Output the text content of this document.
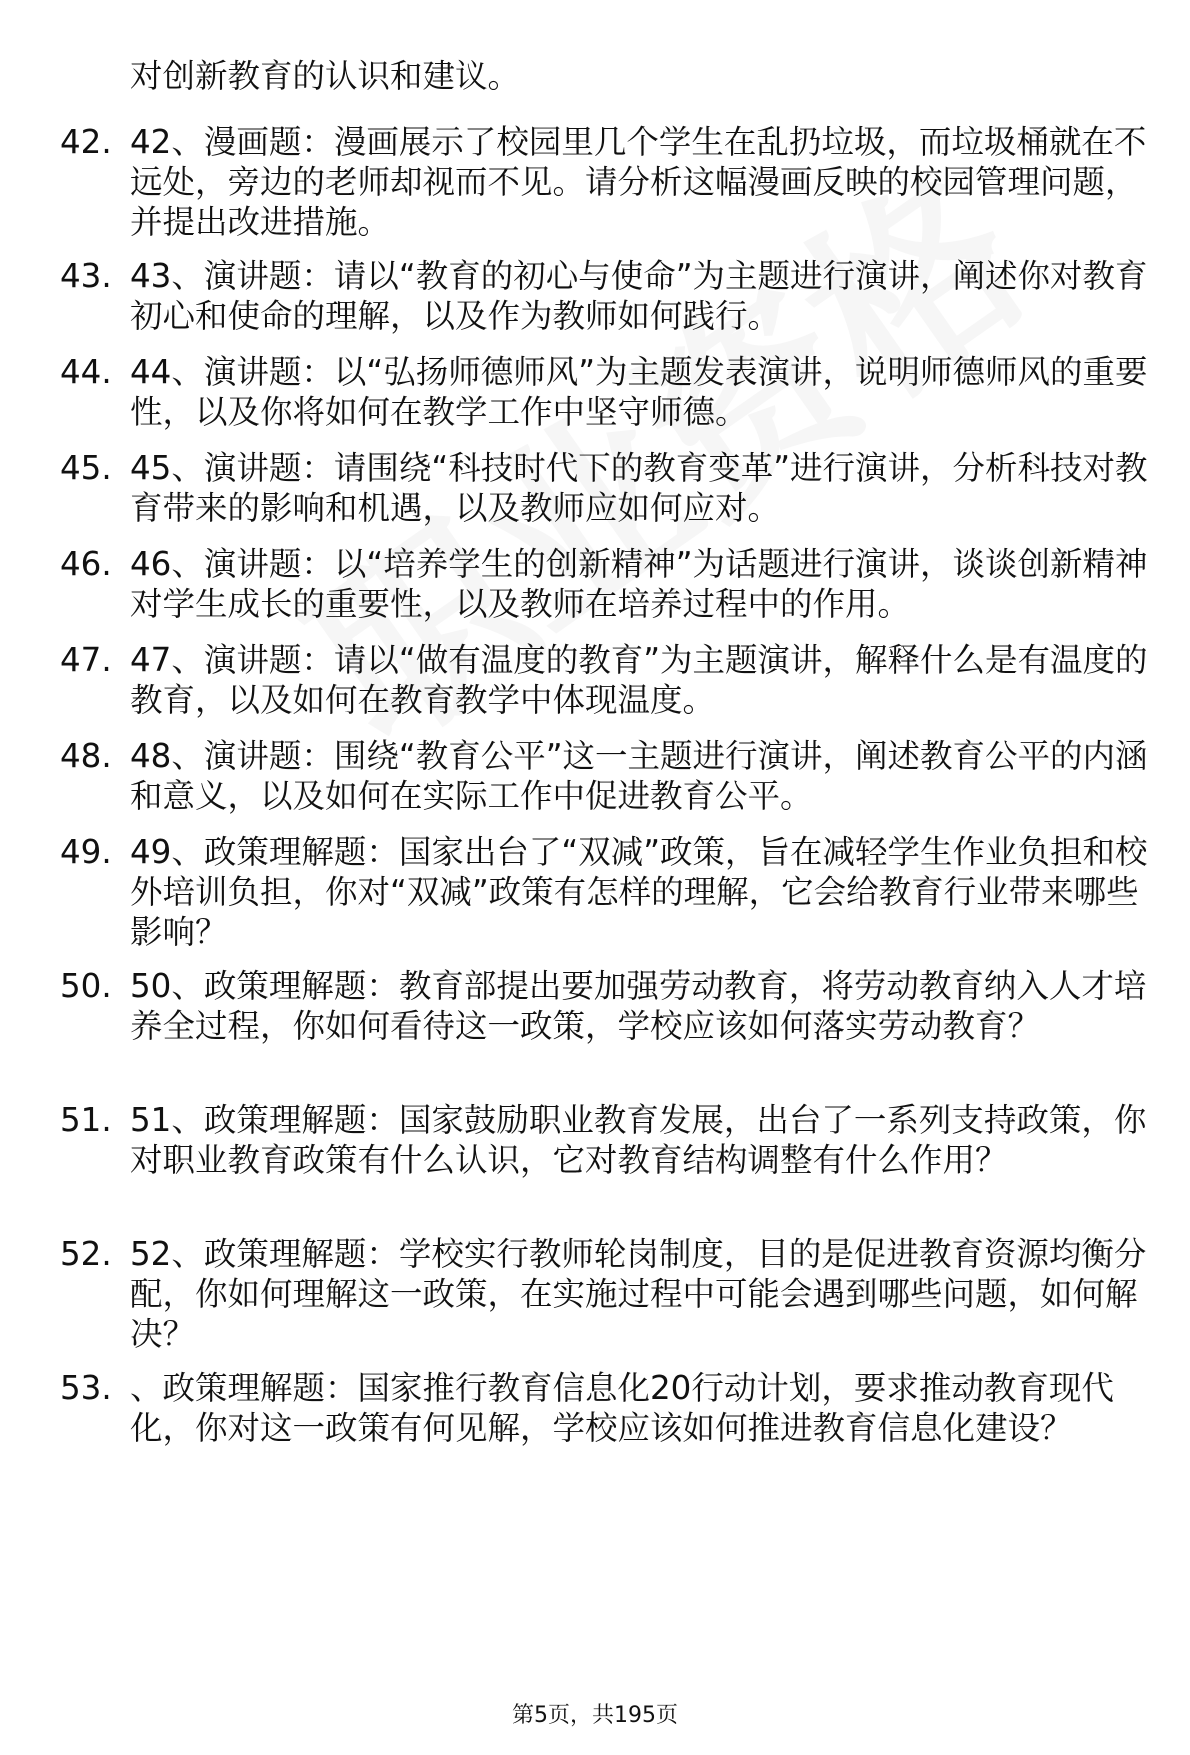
对创新教育的认识和建议。
42. 42、漫画题：漫画展示了校园里几个学生在乱扔垃圾，而垃圾桶就在不远处，旁边的老师却视而不见。请分析这幅漫画反映的校园管理问题，并提出改进措施。
43. 43、演讲题：请以“教育的初心与使命”为主题进行演讲，阐述你对教育初心和使命的理解，以及作为教师如何践行。
44. 44、演讲题：以“弘扬师德师风”为主题发表演讲，说明师德师风的重要性，以及你将如何在教学工作中坚守师德。
45. 45、演讲题：请围绕“科技时代下的教育变革”进行演讲，分析科技对教育带来的影响和机遇，以及教师应如何应对。
46. 46、演讲题：以“培养学生的创新精神”为话题进行演讲，谈谈创新精神对学生成长的重要性，以及教师在培养过程中的作用。
47. 47、演讲题：请以“做有温度的教育”为主题演讲，解释什么是有温度的教育，以及如何在教育教学中体现温度。
48. 48、演讲题：围绕“教育公平”这一主题进行演讲，阐述教育公平的内涵和意义，以及如何在实际工作中促进教育公平。
49. 49、政策理解题：国家出台了“双减”政策，旨在减轻学生作业负担和校外培训负担，你对“双减”政策有怎样的理解，它会给教育行业带来哪些影响？
50. 50、政策理解题：教育部提出要加强劳动教育，将劳动教育纳入人才培养全过程，你如何看待这一政策，学校应该如何落实劳动教育？
51. 51、政策理解题：国家鼓励职业教育发展，出台了一系列支持政策，你对职业教育政策有什么认识，它对教育结构调整有什么作用？
52. 52、政策理解题：学校实行教师轮岗制度，目的是促进教育资源均衡分配，你如何理解这一政策，在实施过程中可能会遇到哪些问题，如何解决？
53. 、政策理解题：国家推行教育信息化20行动计划，要求推动教育现代化，你对这一政策有何见解，学校应该如何推进教育信息化建设？
第5页，共195页
